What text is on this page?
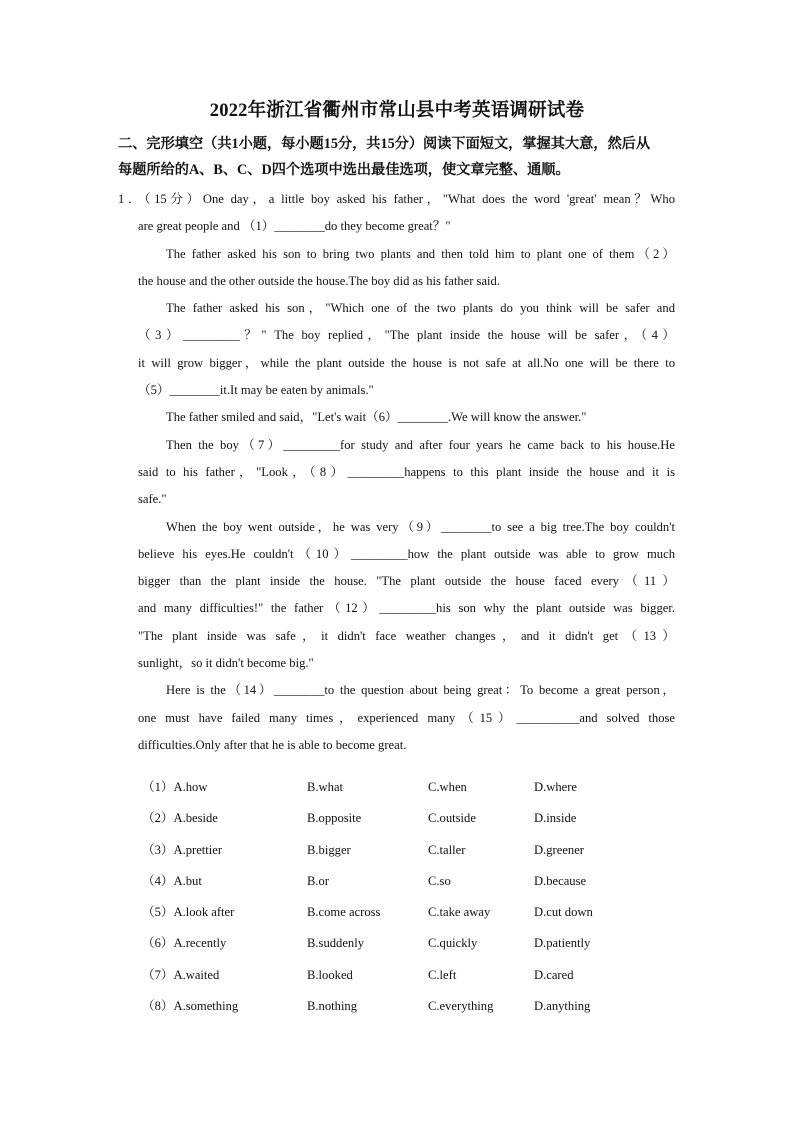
2022年浙江省衢州市常山县中考英语调研试卷
二、完形填空（共1小题，每小题15分，共15分）阅读下面短文，掌握其大意，然后从
每题所给的A、B、C、D四个选项中选出最佳选项，使文章完整、通顺。
1．（15分）One day，a little boy asked his father，"What does the word 'great' mean？Who
are great people and （1）________do they become great？"
The father asked his son to bring two plants and then told him to plant one of them（2）
the house and the other outside the house.The boy did as his father said.
The father asked his son，"Which one of the two plants do you think will be safer and
（3）_________？" The boy replied，"The plant inside the house will be safer，（4）
it will grow bigger，while the plant outside the house is not safe at all.No one will be there to
（5）________it.It may be eaten by animals."
The father smiled and said，"Let's wait（6）________.We will know the answer."
Then the boy（7）_________for study and after four years he came back to his house.He
said to his father，"Look，（8）_________happens to this plant inside the house and it is
safe."
When the boy went outside，he was very（9）________to see a big tree.The boy couldn't
believe his eyes.He couldn't（10）_________how the plant outside was able to grow much
bigger than the plant inside the house. "The plant outside the house faced every（11）
and many difficulties!" the father（12）_________his son why the plant outside was bigger.
"The plant inside was safe，it didn't face weather changes，and it didn't get（13）
sunlight，so it didn't become big."
Here is the（14）________to the question about being great：To become a great person，
one must have failed many times，experienced many（15）__________and solved those
difficulties.Only after that he is able to become great.
（1）A.how	B.what	C.when	D.where
（2）A.beside	B.opposite	C.outside	D.inside
（3）A.prettier	B.bigger	C.taller	D.greener
（4）A.but	B.or	C.so	D.because
（5）A.look after	B.come across	C.take away	D.cut down
（6）A.recently	B.suddenly	C.quickly	D.patiently
（7）A.waited	B.looked	C.left	D.cared
（8）A.something	B.nothing	C.everything	D.anything
